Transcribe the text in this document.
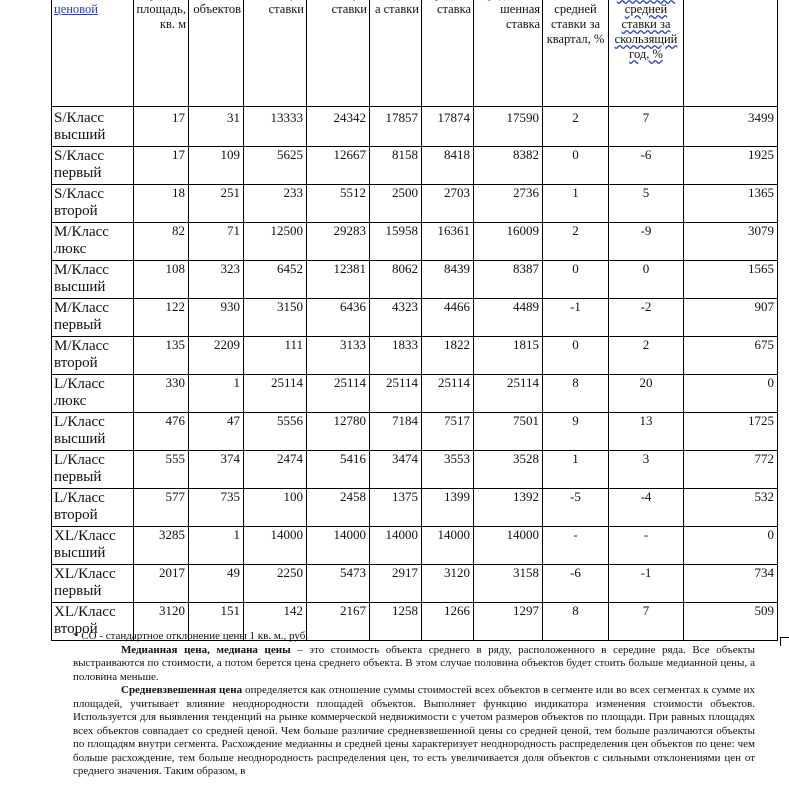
ценовой	площадь, кв. м	объектов	ставки	ставки	а ставки	ставка	шенная ставка	средней ставки за квартал, %	средней ставки за скользящий год, %	
S/Класс высший	17	31	13333	24342	17857	17874	17590	2	7	3499
S/Класс первый	17	109	5625	12667	8158	8418	8382	0	-6	1925
S/Класс второй	18	251	233	5512	2500	2703	2736	1	5	1365
M/Класс люкс	82	71	12500	29283	15958	16361	16009	2	-9	3079
M/Класс высший	108	323	6452	12381	8062	8439	8387	0	0	1565
M/Класс первый	122	930	3150	6436	4323	4466	4489	-1	-2	907
M/Класс второй	135	2209	111	3133	1833	1822	1815	0	2	675
L/Класс люкс	330	1	25114	25114	25114	25114	25114	8	20	0
L/Класс высший	476	47	5556	12780	7184	7517	7501	9	13	1725
L/Класс первый	555	374	2474	5416	3474	3553	3528	1	3	772
L/Класс второй	577	735	100	2458	1375	1399	1392	-5	-4	532
XL/Класс высший	3285	1	14000	14000	14000	14000	14000	-	-	0
XL/Класс первый	2017	49	2250	5473	2917	3120	3158	-6	-1	734
XL/Класс второй	3120	151	142	2167	1258	1266	1297	8	7	509

* СО - стандартное отклонение цены 1 кв. м., руб.

Медианная цена, медиана цены – это стоимость объекта среднего в ряду, расположенного в середине ряда. Все объекты выстраиваются по стоимости, а потом берется цена среднего объекта. В этом случае половина объектов будет стоить больше медианной цены, а половина меньше.

Средневзвешенная цена определяется как отношение суммы стоимостей всех объектов в сегменте или во всех сегментах к сумме их площадей, учитывает влияние неоднородности площадей объектов. Выполняет функцию индикатора изменения стоимости объектов. Используется для выявления тенденций на рынке коммерческой недвижимости с учетом размеров объектов по площади. При равных площадях всех объектов совпадает со средней ценой. Чем больше различие средневзвешенной цены со средней ценой, тем больше различаются объекты по площадям внутри сегмента. Расхождение медианны и средней цены характеризует неоднородность распределения цен объектов по цене: чем больше расхождение, тем больше неоднородность распределения цен, то есть увеличивается доля объектов с сильными отклонениями цен от среднего значения. Таким образом, в
